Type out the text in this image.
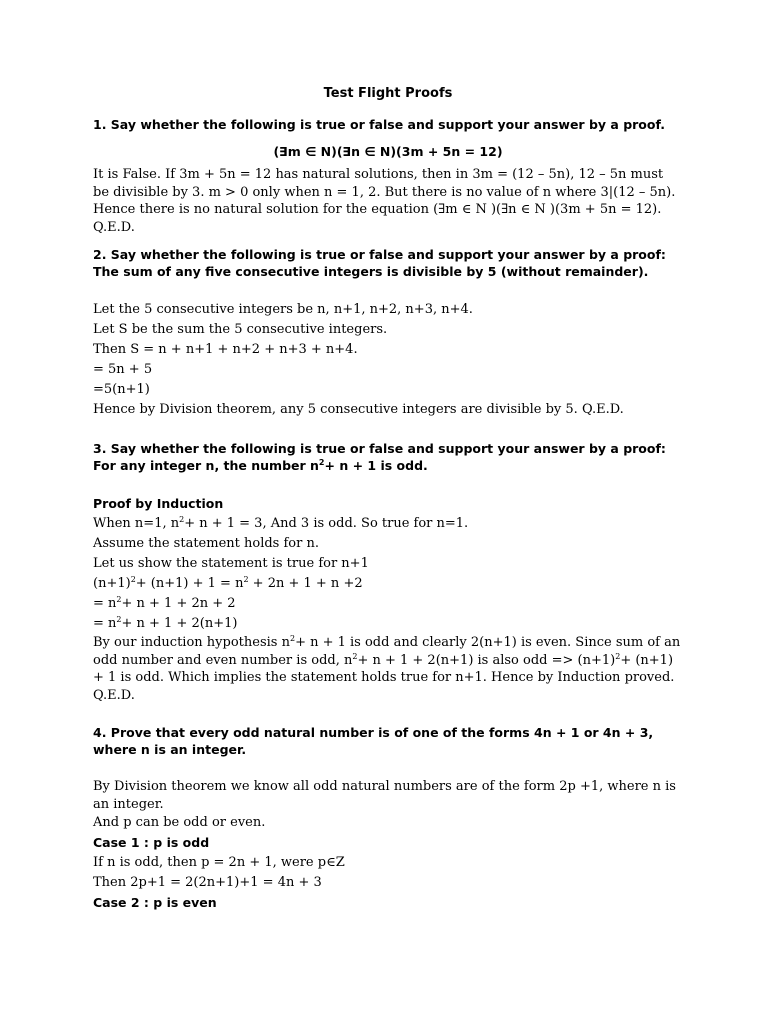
Test Flight Proofs

1. Say whether the following is true or false and support your answer by a proof.

(∃m ∈ N)(∃n ∈ N)(3m + 5n = 12)

It is False. If 3m + 5n = 12 has natural solutions, then in 3m = (12 – 5n), 12 – 5n must be divisible by 3. m > 0 only when n = 1, 2. But there is no value of n where 3|(12 – 5n). Hence there is no natural solution for the equation (∃m ∈ N )(∃n ∈ N )(3m + 5n = 12). Q.E.D.

2. Say whether the following is true or false and support your answer by a proof: The sum of any five consecutive integers is divisible by 5 (without remainder).

Let the 5 consecutive integers be n, n+1, n+2, n+3, n+4.

Let S be the sum the 5 consecutive integers.

Then S = n + n+1 + n+2 + n+3 + n+4.

= 5n + 5

=5(n+1)

Hence by Division theorem, any 5 consecutive integers are divisible by 5. Q.E.D.

3. Say whether the following is true or false and support your answer by a proof: For any integer n, the number $n^2+ n + 1$ is odd.

Proof by Induction

When n=1, $n^2+ n + 1 = 3$, And 3 is odd. So true for n=1.

Assume the statement holds for n.

Let us show the statement is true for n+1

$(n+1)^2+ (n+1) + 1 = n^2 + 2n + 1 + n +2$

= $n^2+ n + 1 + 2n + 2$

= $n^2+ n + 1 + 2(n+1)$

By our induction hypothesis $n^2+ n + 1$ is odd and clearly 2(n+1) is even. Since sum of an odd number and even number is odd, $n^2+ n + 1 + 2(n+1)$ is also odd => $(n+1)^2+ (n+1) + 1$ is odd. Which implies the statement holds true for n+1. Hence by Induction proved. Q.E.D.

4. Prove that every odd natural number is of one of the forms 4n + 1 or 4n + 3, where n is an integer.

By Division theorem we know all odd natural numbers are of the form 2p +1, where n is an integer.

And p can be odd or even.

Case 1 : p is odd

If n is odd, then p = 2n + 1, were p∈Z

Then 2p+1 = 2(2n+1)+1 = 4n + 3

Case 2 : p is even
